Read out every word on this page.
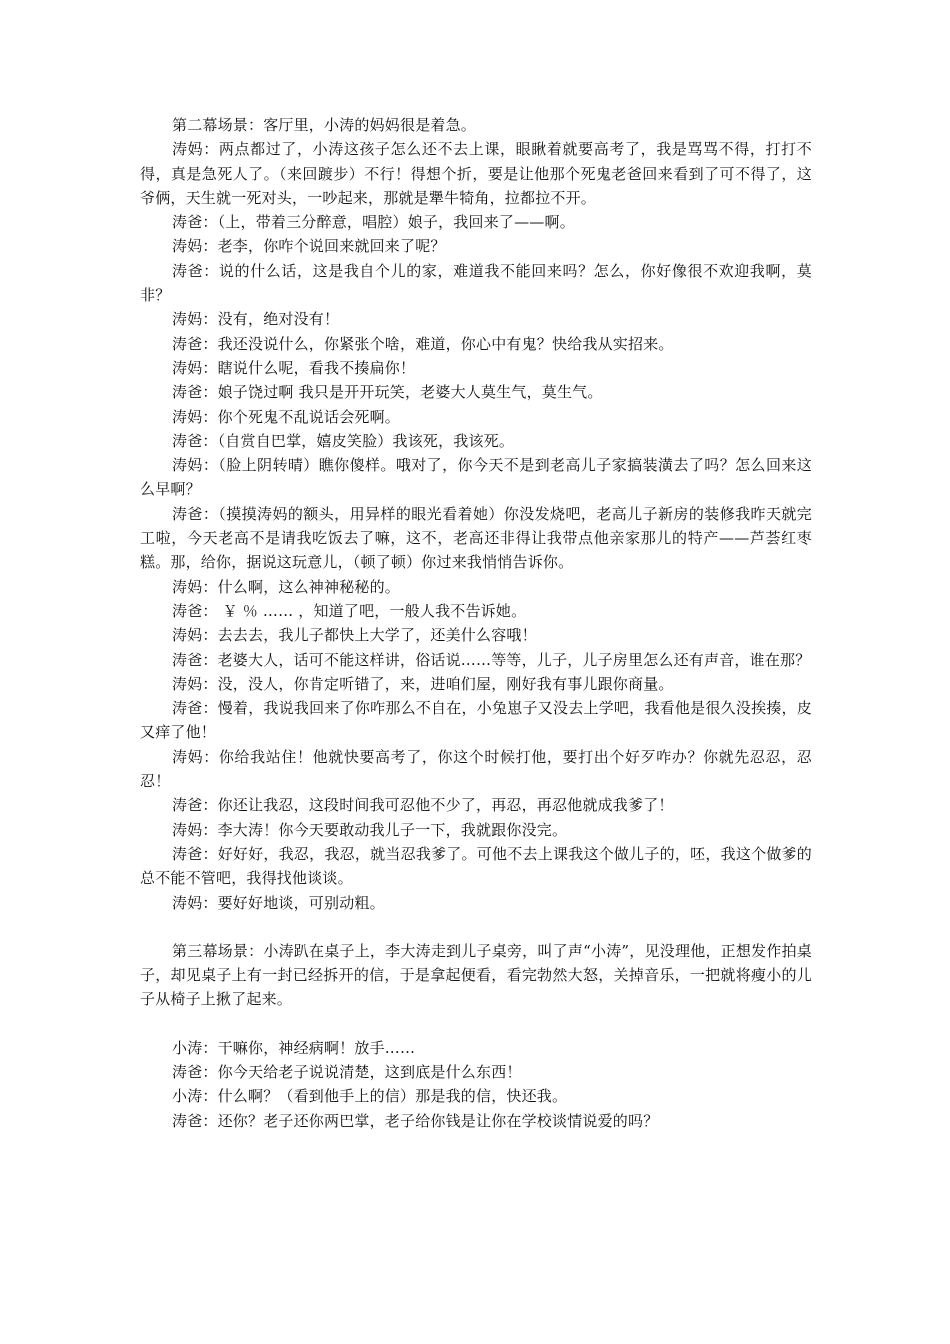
第二幕场景：客厅里，小涛的妈妈很是着急。

涛妈：两点都过了，小涛这孩子怎么还不去上课，眼瞅着就要高考了，我是骂骂不得，打打不得，真是急死人了。（来回踱步）不行！得想个折，要是让他那个死鬼老爸回来看到了可不得了，这爷俩，天生就一死对头，一吵起来，那就是犟牛犄角，拉都拉不开。

涛爸：（上，带着三分醉意，唱腔）娘子，我回来了——啊。

涛妈：老李，你咋个说回来就回来了呢？

涛爸：说的什么话，这是我自个儿的家，难道我不能回来吗？怎么，你好像很不欢迎我啊，莫非？

涛妈：没有，绝对没有！

涛爸：我还没说什么，你紧张个啥，难道，你心中有鬼？快给我从实招来。

涛妈：瞎说什么呢，看我不揍扁你！

涛爸：娘子饶过啊 我只是开开玩笑，老婆大人莫生气，莫生气。

涛妈：你个死鬼不乱说话会死啊。

涛爸：（自赏自巴掌，嬉皮笑脸）我该死，我该死。

涛妈：（脸上阴转晴）瞧你傻样。哦对了，你今天不是到老高儿子家搞装潢去了吗？怎么回来这么早啊？

涛爸：（摸摸涛妈的额头，用异样的眼光看着她）你没发烧吧，老高儿子新房的装修我昨天就完工啦，今天老高不是请我吃饭去了嘛，这不，老高还非得让我带点他亲家那儿的特产——芦荟红枣糕。那，给你，据说这玩意儿，（顿了顿）你过来我悄悄告诉你。

涛妈：什么啊，这么神神秘秘的。

涛爸： ￥ ％ …… ，知道了吧，一般人我不告诉她。

涛妈：去去去，我儿子都快上大学了，还美什么容哦！

涛爸：老婆大人，话可不能这样讲，俗话说……等等，儿子，儿子房里怎么还有声音，谁在那？

涛妈：没，没人，你肯定听错了，来，进咱们屋，刚好我有事儿跟你商量。

涛爸：慢着，我说我回来了你咋那么不自在，小兔崽子又没去上学吧，我看他是很久没挨揍，皮又痒了他！

涛妈：你给我站住！他就快要高考了，你这个时候打他，要打出个好歹咋办？你就先忍忍，忍忍！

涛爸：你还让我忍，这段时间我可忍他不少了，再忍，再忍他就成我爹了！

涛妈：李大涛！你今天要敢动我儿子一下，我就跟你没完。

涛爸：好好好，我忍，我忍，就当忍我爹了。可他不去上课我这个做儿子的，呸，我这个做爹的总不能不管吧，我得找他谈谈。

涛妈：要好好地谈，可别动粗。

第三幕场景：小涛趴在桌子上，李大涛走到儿子桌旁，叫了声“小涛”，见没理他，正想发作拍桌子，却见桌子上有一封已经拆开的信，于是拿起便看，看完勃然大怒，关掉音乐，一把就将瘦小的儿子从椅子上揪了起来。

小涛：干嘛你，神经病啊！放手……

涛爸：你今天给老子说说清楚，这到底是什么东西！

小涛：什么啊？（看到他手上的信）那是我的信，快还我。

涛爸：还你？老子还你两巴掌，老子给你钱是让你在学校谈情说爱的吗？
